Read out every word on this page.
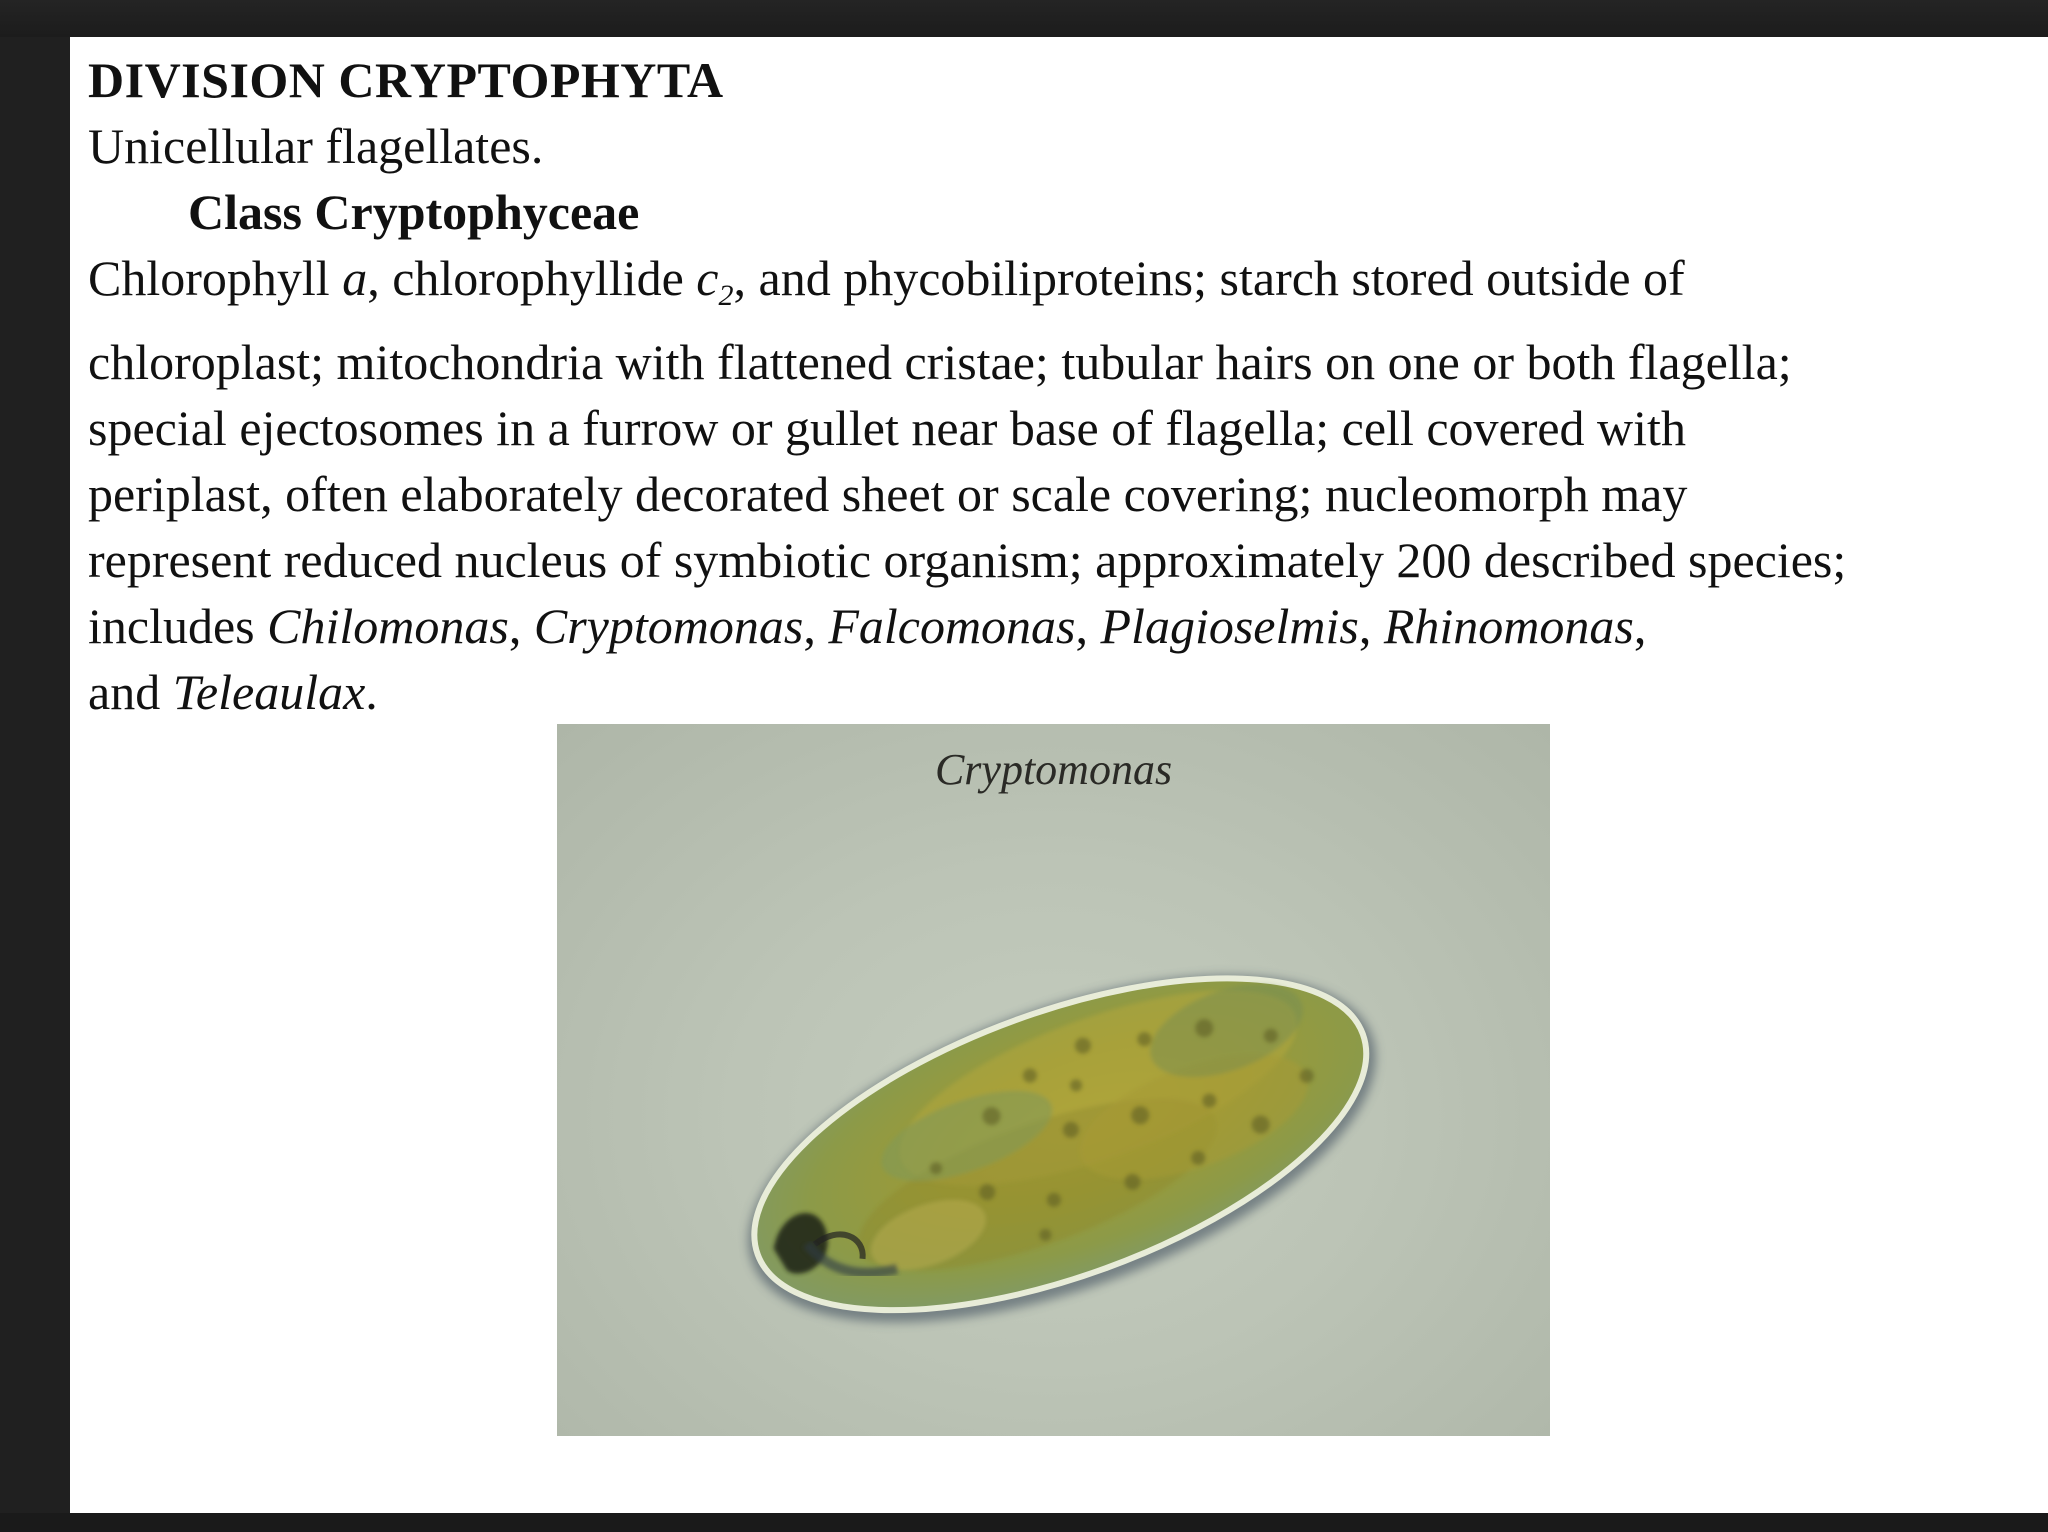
DIVISION CRYPTOPHYTA
Unicellular flagellates.
Class Cryptophyceae
Chlorophyll a, chlorophyllide $c_2$, and phycobiliproteins; starch stored outside of
chloroplast; mitochondria with flattened cristae; tubular hairs on one or both flagella;
special ejectosomes in a furrow or gullet near base of flagella; cell covered with
periplast, often elaborately decorated sheet or scale covering; nucleomorph may
represent reduced nucleus of symbiotic organism; approximately 200 described species;
includes Chilomonas, Cryptomonas, Falcomonas, Plagioselmis, Rhinomonas,
and Teleaulax.
Cryptomonas
